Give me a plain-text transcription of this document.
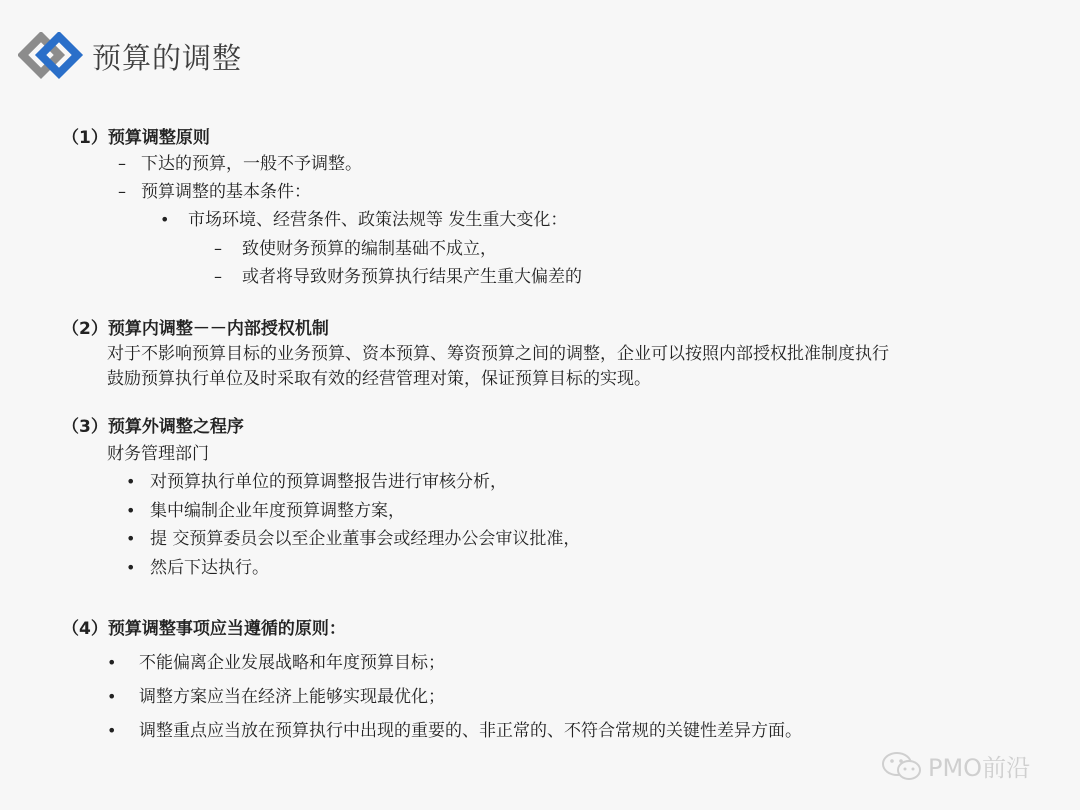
预算的调整
（1）预算调整原则
– 下达的预算，一般不予调整。
– 预算调整的基本条件：
• 市场环境、经营条件、政策法规等 发生重大变化：
– 致使财务预算的编制基础不成立，
– 或者将导致财务预算执行结果产生重大偏差的
（2）预算内调整－－内部授权机制
对于不影响预算目标的业务预算、资本预算、筹资预算之间的调整，企业可以按照内部授权批准制度执行
鼓励预算执行单位及时采取有效的经营管理对策，保证预算目标的实现。
（3）预算外调整之程序
财务管理部门
• 对预算执行单位的预算调整报告进行审核分析，
• 集中编制企业年度预算调整方案，
• 提 交预算委员会以至企业董事会或经理办公会审议批准，
• 然后下达执行。
（4）预算调整事项应当遵循的原则：
• 不能偏离企业发展战略和年度预算目标；
• 调整方案应当在经济上能够实现最优化；
• 调整重点应当放在预算执行中出现的重要的、非正常的、不符合常规的关键性差异方面。
PMO前沿
